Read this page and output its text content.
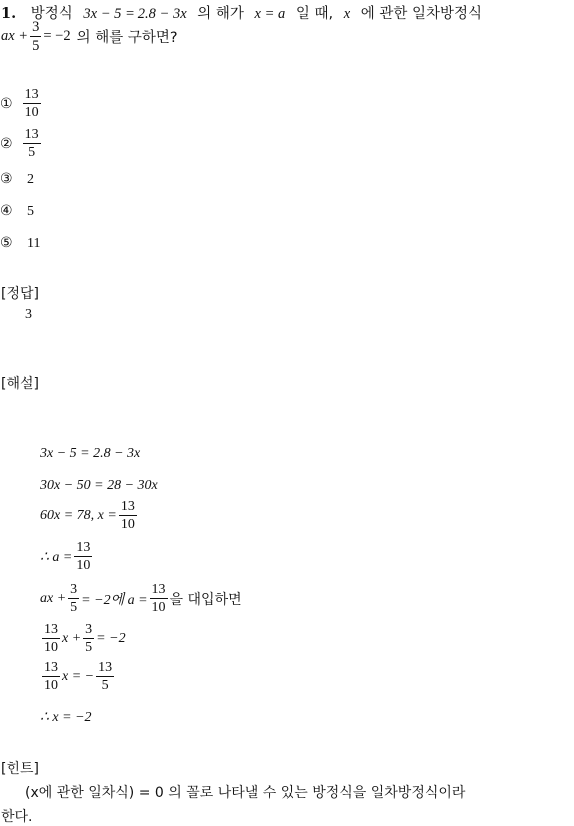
1. 방정식 3x − 5 = 2.8 − 3x 의 해가 x = a 일 때, x 에 관한 일차방정식
ax + $\frac{3}{5} = -2$ 의 해를 구하면?
① $\frac{13}{10}$
② $\frac{13}{5}$
③ 2
④ 5
⑤ 11
[정답]
3
[해설]
3x − 5 = 2.8 − 3x
30x − 50 = 28 − 30x
60x = 78, $x = \frac{13}{10}$
∴ $a = \frac{13}{10}$
ax + $\frac{3}{5} = -2$에 $a = \frac{13}{10}$ 을 대입하면
$\frac{13}{10}$ $x + \frac{3}{5} = -2$
$\frac{13}{10}$ x = − $\frac{13}{5}$
∴ x = −2
[힌트]
(x에 관한 일차식) = 0 의 꼴로 나타낼 수 있는 방정식을 일차방정식이라
한다.
